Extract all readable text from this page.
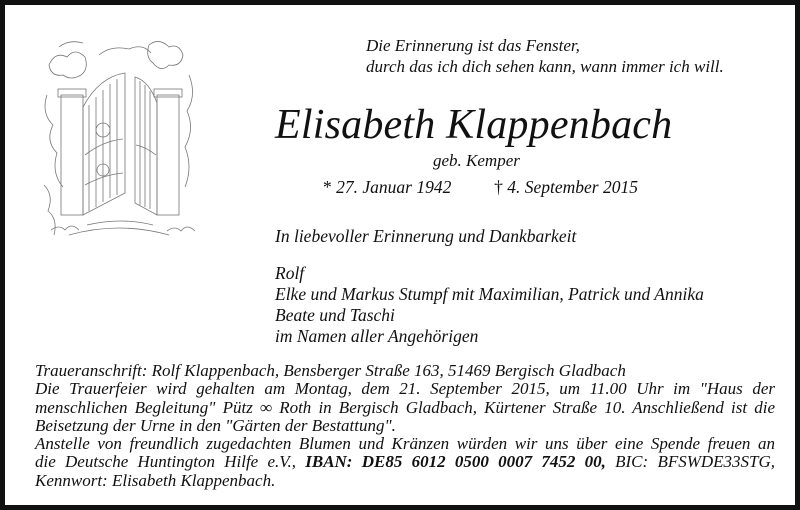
Die Erinnerung ist das Fenster,
durch das ich dich sehen kann, wann immer ich will.
Elisabeth Klappenbach
geb. Kemper
* 27. Januar 1942 † 4. September 2015
In liebevoller Erinnerung und Dankbarkeit
Rolf
Elke und Markus Stumpf mit Maximilian, Patrick und Annika
Beate und Taschi
im Namen aller Angehörigen
Traueranschrift: Rolf Klappenbach, Bensberger Straße 163, 51469 Bergisch Gladbach
Die Trauerfeier wird gehalten am Montag, dem 21. September 2015, um 11.00 Uhr im "Haus der
menschlichen Begleitung" Pütz ∞ Roth in Bergisch Gladbach, Kürtener Straße 10. Anschließend ist die
Beisetzung der Urne in den "Gärten der Bestattung".
Anstelle von freundlich zugedachten Blumen und Kränzen würden wir uns über eine Spende freuen an
die Deutsche Huntington Hilfe e.V., IBAN: DE85 6012 0500 0007 7452 00, BIC: BFSWDE33STG,
Kennwort: Elisabeth Klappenbach.
